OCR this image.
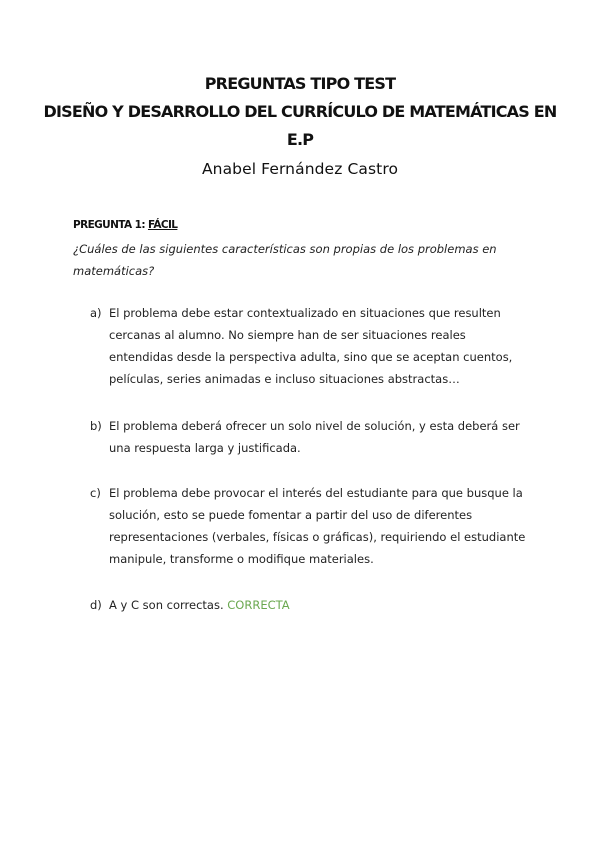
PREGUNTAS TIPO TEST
DISEÑO Y DESARROLLO DEL CURRÍCULO DE MATEMÁTICAS EN
E.P
Anabel Fernández Castro
PREGUNTA 1: FÁCIL
¿Cuáles de las siguientes características son propias de los problemas en matemáticas?
a) El problema debe estar contextualizado en situaciones que resulten cercanas al alumno. No siempre han de ser situaciones reales entendidas desde la perspectiva adulta, sino que se aceptan cuentos, películas, series animadas e incluso situaciones abstractas…
b) El problema deberá ofrecer un solo nivel de solución, y esta deberá ser una respuesta larga y justificada.
c) El problema debe provocar el interés del estudiante para que busque la solución, esto se puede fomentar a partir del uso de diferentes representaciones (verbales, físicas o gráficas), requiriendo el estudiante manipule, transforme o modifique materiales.
d) A y C son correctas. CORRECTA
